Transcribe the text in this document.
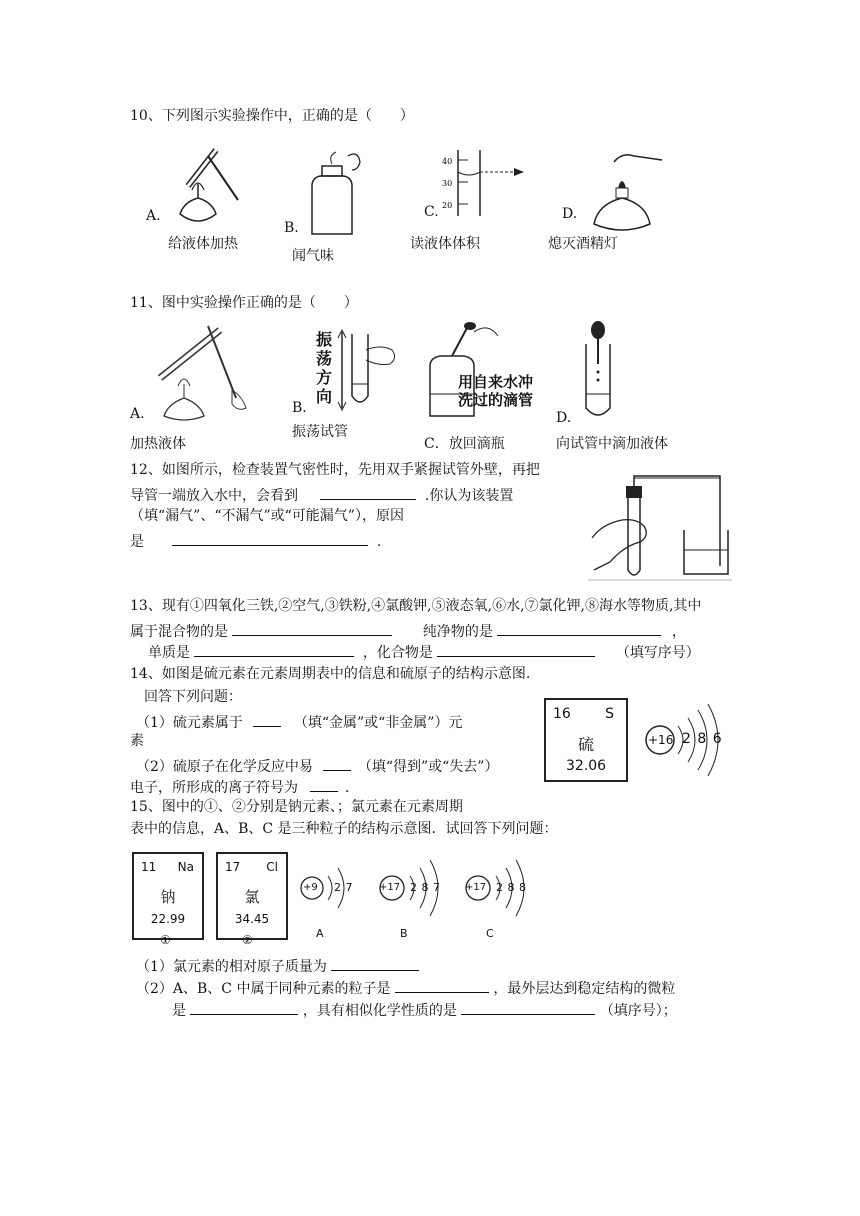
10、下列图示实验操作中，正确的是（　　）
A.
给液体加热
B.
闻气味
40
30
20
C.
读液体体积
D.
熄灭酒精灯
11、图中实验操作正确的是（　　）
A.
加热液体
振荡方向
B.
振荡试管
用自来水冲
洗过的滴管
C．放回滴瓶
D.
向试管中滴加液体
12、如图所示，检查装置气密性时，先用双手紧握试管外壁，再把
导管一端放入水中，会看到	.你认为该装置
（填“漏气”、“不漏气”或“可能漏气”），原因
是	.
13、现有①四氧化三铁,②空气,③铁粉,④氯酸钾,⑤液态氧,⑥水,⑦氯化钾,⑧海水等物质,其中
属于混合物的是	纯净物的是	，
单质是	，化合物是	（填写序号）
14、如图是硫元素在元素周期表中的信息和硫原子的结构示意图.
回答下列问题：
（1）硫元素属于	（填“金属”或“非金属”）元
素
（2）硫原子在化学反应中易	（填“得到”或“失去”）
电子，所形成的离子符号为	.
16 S
硫
32.06
+16 2 8 6
15、图中的①、②分别是钠元素、；氯元素在元素周期
表中的信息，A、B、C 是三种粒子的结构示意图．试回答下列问题：
11 Na
钠
22.99
①
17 Cl
氯
34.45
②
+9 2 7
A
+17 2 8 7
B
+17 2 8 8
C
（1）氯元素的相对原子质量为
（2）A、B、C 中属于同种元素的粒子是	，最外层达到稳定结构的微粒
是	，具有相似化学性质的是	（填序号）；
